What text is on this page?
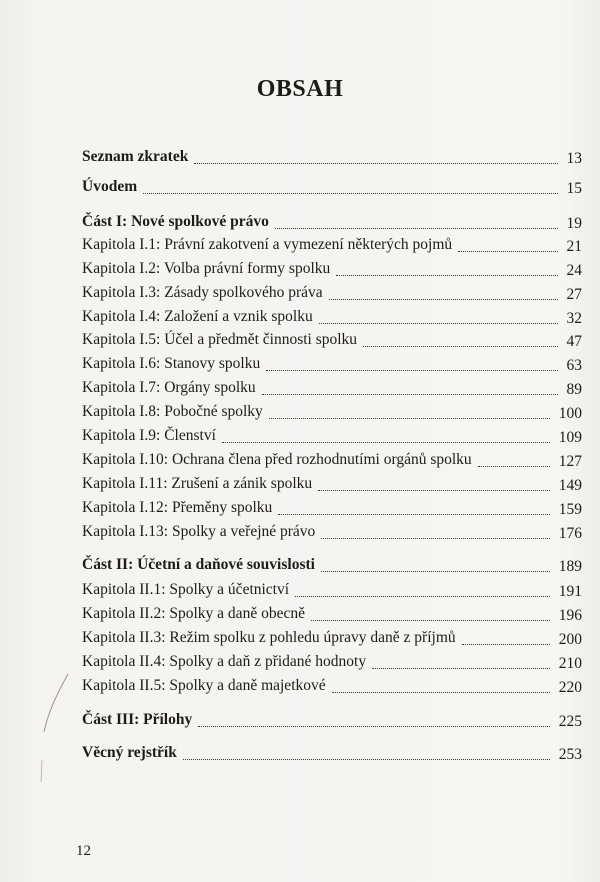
OBSAH
Seznam zkratek	13
Úvodem	15
Část I: Nové spolkové právo	19
Kapitola I.1: Právní zakotvení a vymezení některých pojmů	21
Kapitola I.2: Volba právní formy spolku	24
Kapitola I.3: Zásady spolkového práva	27
Kapitola I.4: Založení a vznik spolku	32
Kapitola I.5: Účel a předmět činnosti spolku	47
Kapitola I.6: Stanovy spolku	63
Kapitola I.7: Orgány spolku	89
Kapitola I.8: Pobočné spolky	100
Kapitola I.9: Členství	109
Kapitola I.10: Ochrana člena před rozhodnutími orgánů spolku	127
Kapitola I.11: Zrušení a zánik spolku	149
Kapitola I.12: Přeměny spolku	159
Kapitola I.13: Spolky a veřejné právo	176
Část II: Účetní a daňové souvislosti	189
Kapitola II.1: Spolky a účetnictví	191
Kapitola II.2: Spolky a daně obecně	196
Kapitola II.3: Režim spolku z pohledu úpravy daně z příjmů	200
Kapitola II.4: Spolky a daň z přidané hodnoty	210
Kapitola II.5: Spolky a daně majetkové	220
Část III: Přílohy	225
Věcný rejstřík	253
12
